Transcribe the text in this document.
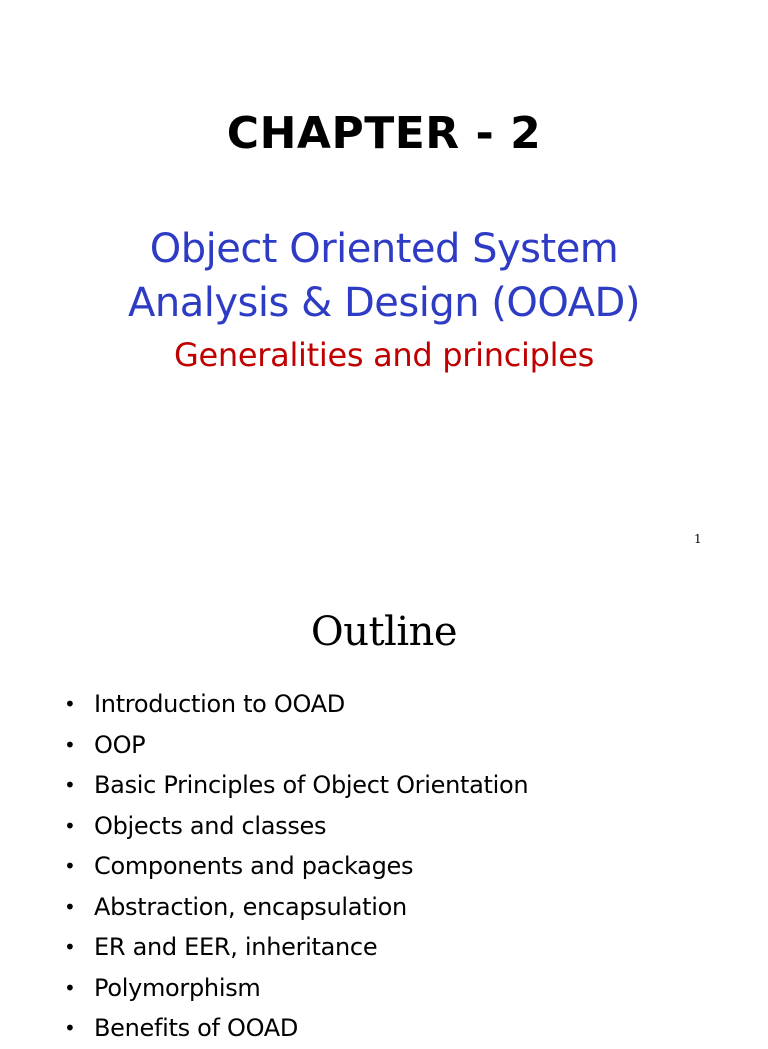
CHAPTER - 2
Object Oriented System
Analysis & Design (OOAD)
Generalities and principles
1
Outline
• Introduction to OOAD
• OOP
• Basic Principles of Object Orientation
• Objects and classes
• Components and packages
• Abstraction, encapsulation
• ER and EER, inheritance
• Polymorphism
• Benefits of OOAD
